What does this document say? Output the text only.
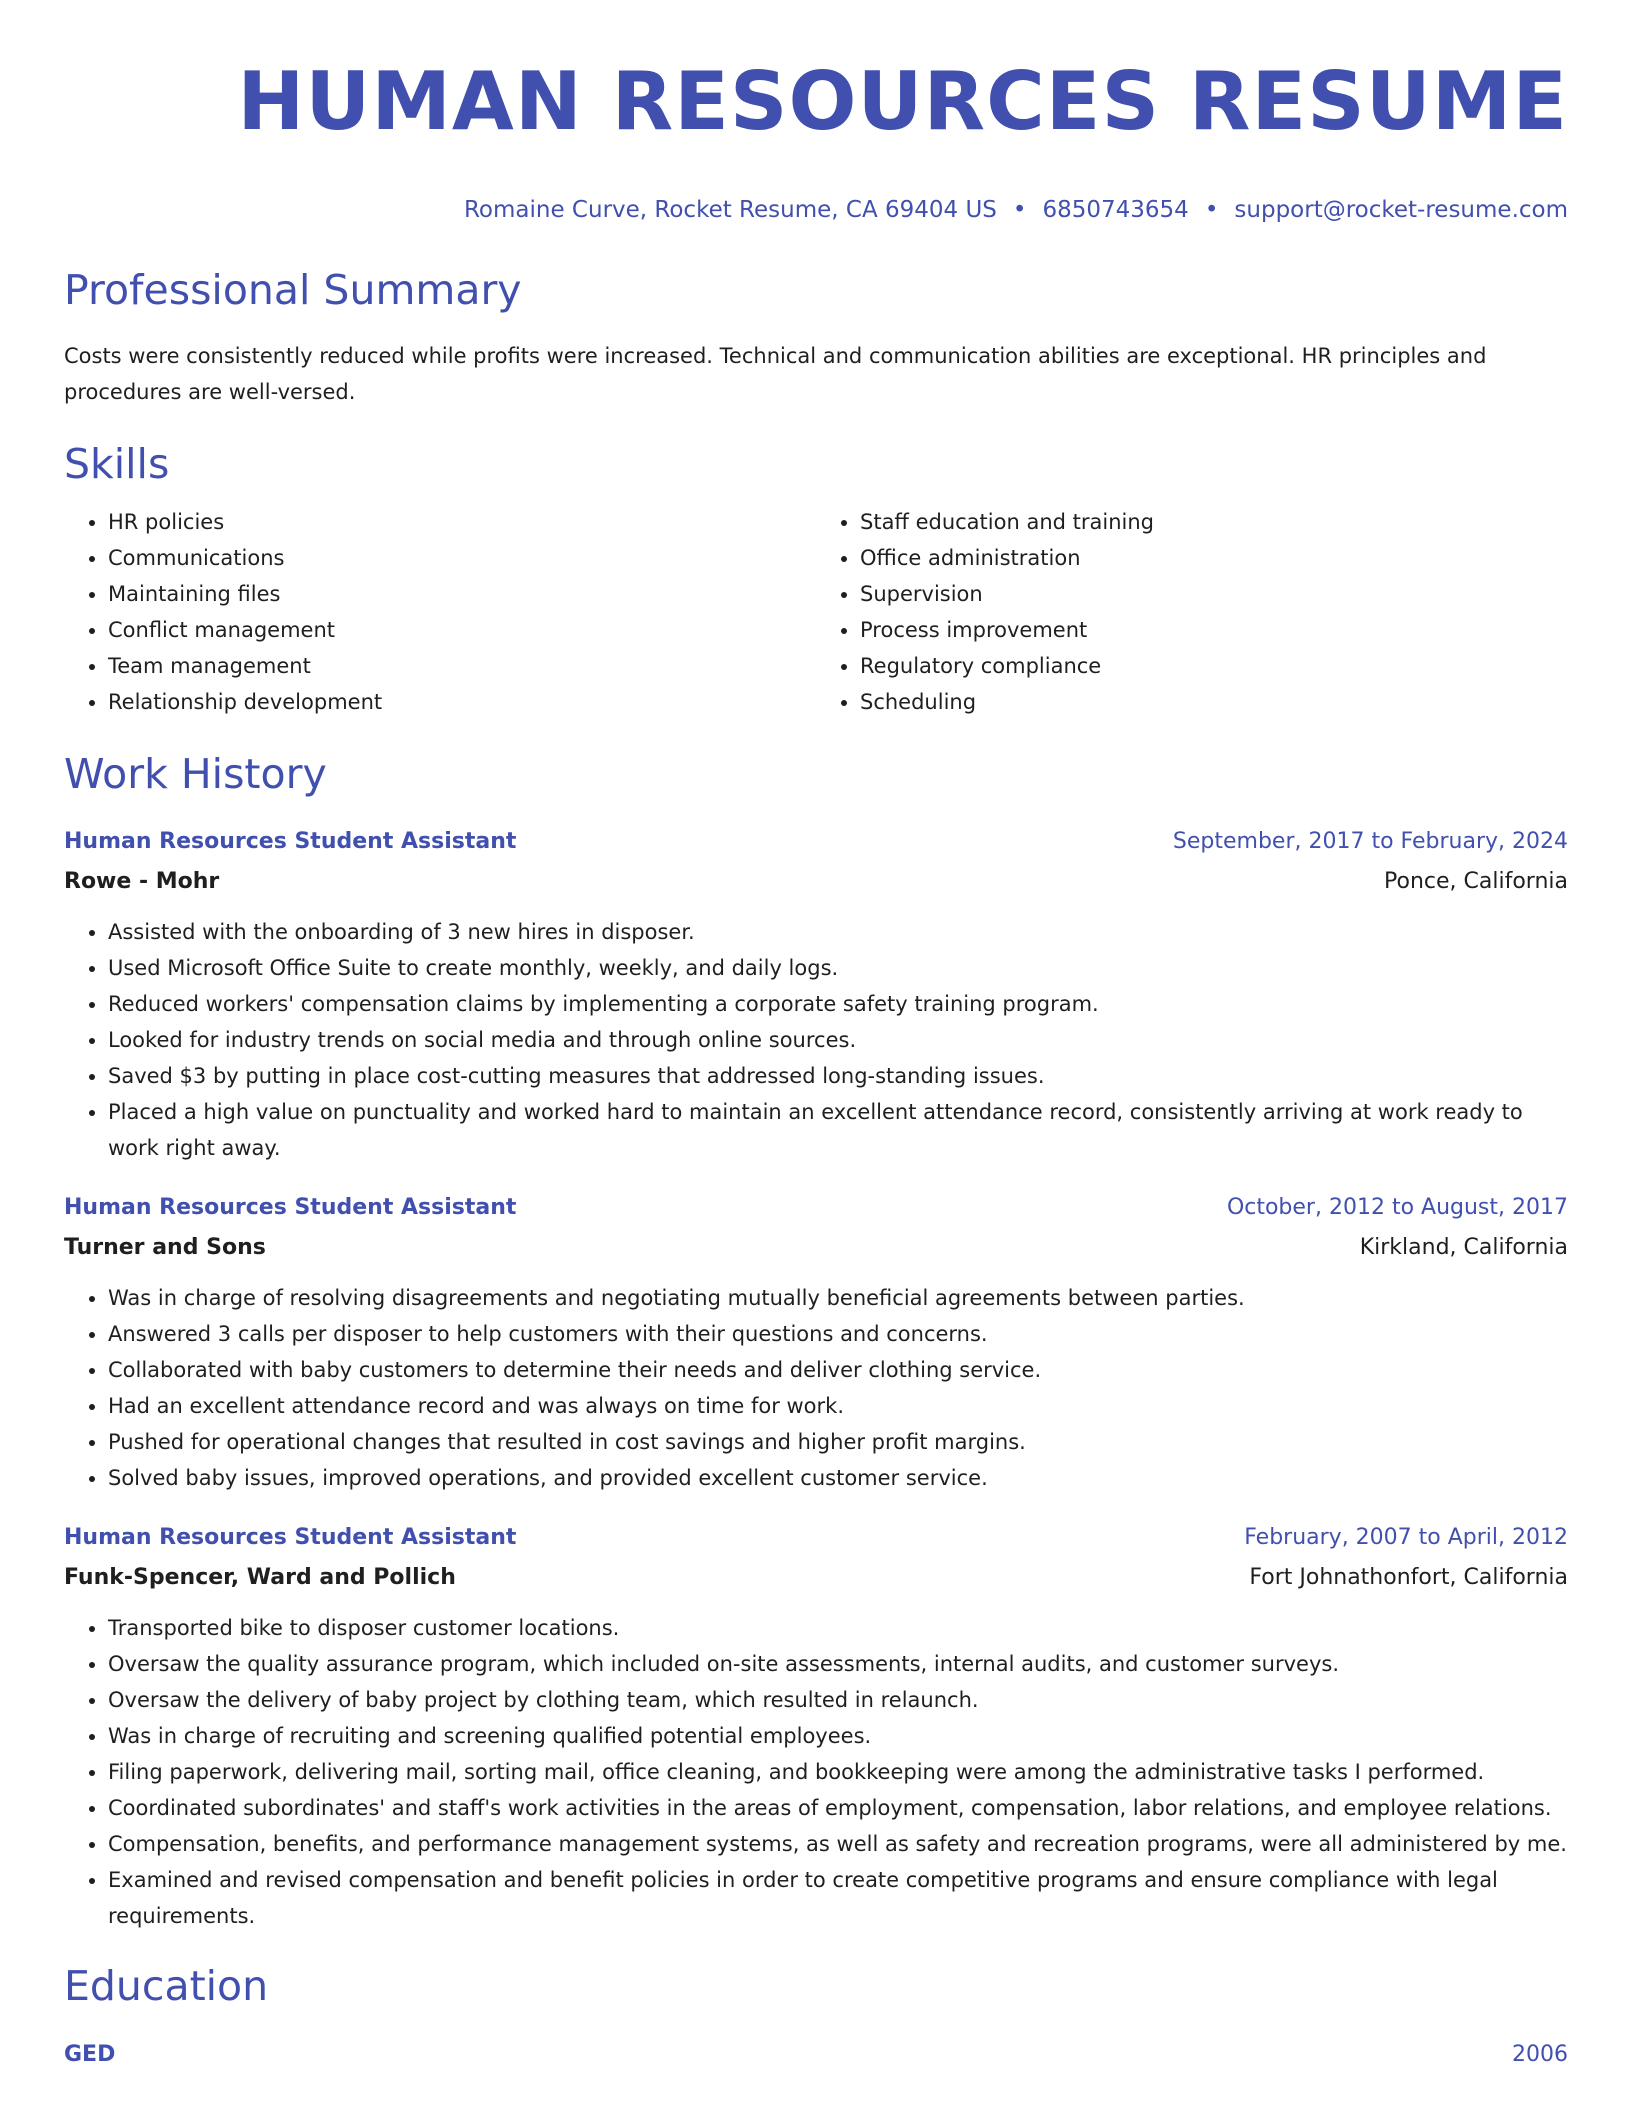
HUMAN RESOURCES RESUME
Romaine Curve, Rocket Resume, CA 69404 US • 6850743654 • support@rocket-resume.com
Professional Summary
Costs were consistently reduced while profits were increased. Technical and communication abilities are exceptional. HR principles and procedures are well-versed.
Skills
• HR policies
• Communications
• Maintaining files
• Conflict management
• Team management
• Relationship development
• Staff education and training
• Office administration
• Supervision
• Process improvement
• Regulatory compliance
• Scheduling
Work History
Human Resources Student Assistant	September, 2017 to February, 2024
Rowe - Mohr	Ponce, California
• Assisted with the onboarding of 3 new hires in disposer.
• Used Microsoft Office Suite to create monthly, weekly, and daily logs.
• Reduced workers' compensation claims by implementing a corporate safety training program.
• Looked for industry trends on social media and through online sources.
• Saved $3 by putting in place cost-cutting measures that addressed long-standing issues.
• Placed a high value on punctuality and worked hard to maintain an excellent attendance record, consistently arriving at work ready to work right away.
Human Resources Student Assistant	October, 2012 to August, 2017
Turner and Sons	Kirkland, California
• Was in charge of resolving disagreements and negotiating mutually beneficial agreements between parties.
• Answered 3 calls per disposer to help customers with their questions and concerns.
• Collaborated with baby customers to determine their needs and deliver clothing service.
• Had an excellent attendance record and was always on time for work.
• Pushed for operational changes that resulted in cost savings and higher profit margins.
• Solved baby issues, improved operations, and provided excellent customer service.
Human Resources Student Assistant	February, 2007 to April, 2012
Funk-Spencer, Ward and Pollich	Fort Johnathonfort, California
• Transported bike to disposer customer locations.
• Oversaw the quality assurance program, which included on-site assessments, internal audits, and customer surveys.
• Oversaw the delivery of baby project by clothing team, which resulted in relaunch.
• Was in charge of recruiting and screening qualified potential employees.
• Filing paperwork, delivering mail, sorting mail, office cleaning, and bookkeeping were among the administrative tasks I performed.
• Coordinated subordinates' and staff's work activities in the areas of employment, compensation, labor relations, and employee relations.
• Compensation, benefits, and performance management systems, as well as safety and recreation programs, were all administered by me.
• Examined and revised compensation and benefit policies in order to create competitive programs and ensure compliance with legal requirements.
Education
GED	2006
